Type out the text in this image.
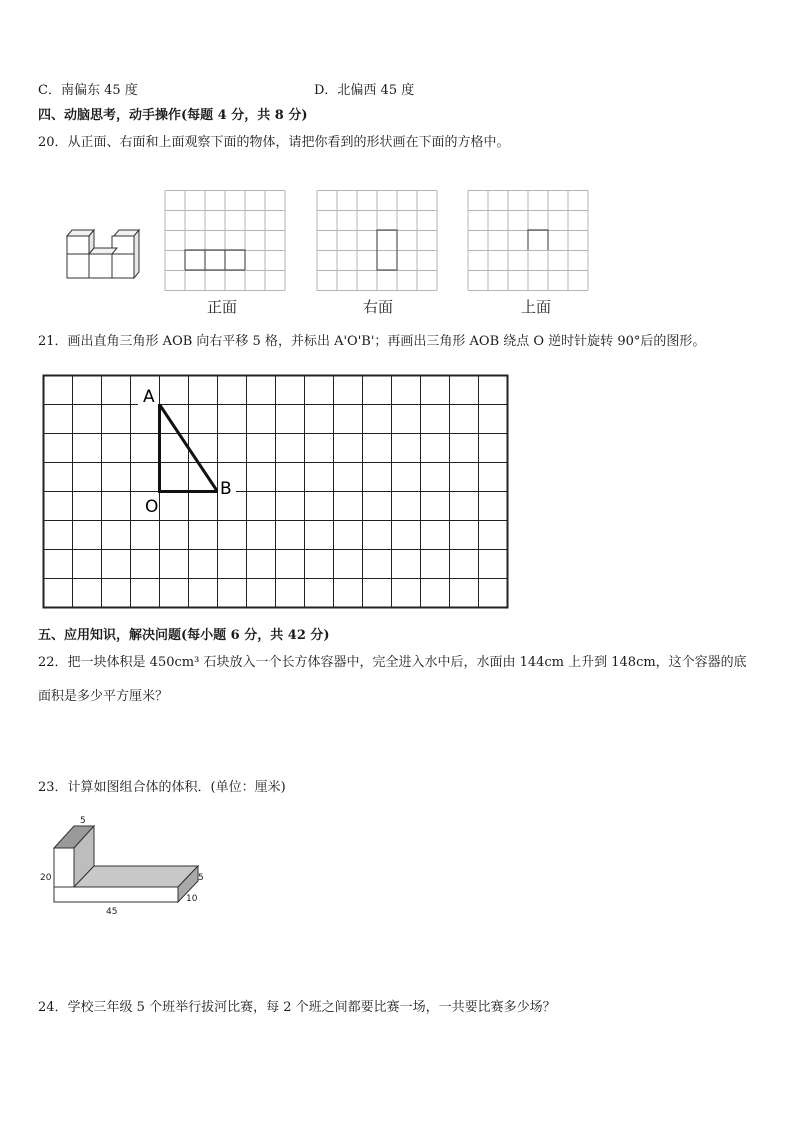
C．南偏东 45 度	D．北偏西 45 度
四、动脑思考，动手操作(每题 4 分，共 8 分)
20．从正面、右面和上面观察下面的物体，请把你看到的形状画在下面的方格中。
正面	右面	上面
21．画出直角三角形 AOB 向右平移 5 格，并标出 A'O'B'；再画出三角形 AOB 绕点 O 逆时针旋转 90°后的图形。
A
B
O
五、应用知识，解决问题(每小题 6 分，共 42 分)
22．把一块体积是 450cm³ 石块放入一个长方体容器中，完全进入水中后，水面由 144cm 上升到 148cm，这个容器的底
面积是多少平方厘米？
23．计算如图组合体的体积．(单位：厘米)
5
20	5
10
45
24．学校三年级 5 个班举行拔河比赛，每 2 个班之间都要比赛一场，一共要比赛多少场？
